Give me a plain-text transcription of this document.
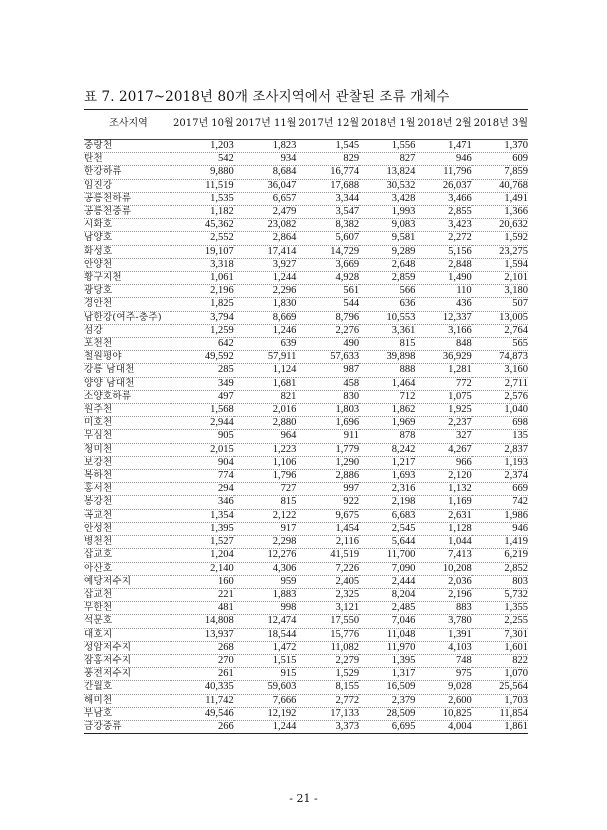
표 7. 2017~2018년 80개 조사지역에서 관찰된 조류 개체수
조사지역	2017년 10월	2017년 11월	2017년 12월	2018년 1월	2018년 2월	2018년 3월
중랑천	1,203	1,823	1,545	1,556	1,471	1,370
탄천	542	934	829	827	946	609
한강하류	9,880	8,684	16,774	13,824	11,796	7,859
임진강	11,519	36,047	17,688	30,532	26,037	40,768
공릉천하류	1,535	6,657	3,344	3,428	3,466	1,491
공릉천중류	1,182	2,479	3,547	1,993	2,855	1,366
시화호	45,362	23,082	8,382	9,083	3,423	20,632
남양호	2,552	2,864	5,607	9,581	2,272	1,592
화성호	19,107	17,414	14,729	9,289	5,156	23,275
안양천	3,318	3,927	3,669	2,648	2,848	1,594
황구지천	1,061	1,244	4,928	2,859	1,490	2,101
광당호	2,196	2,296	561	566	110	3,180
경안천	1,825	1,830	544	636	436	507
남한강(여주-충주)	3,794	8,669	8,796	10,553	12,337	13,005
섬강	1,259	1,246	2,276	3,361	3,166	2,764
포천천	642	639	490	815	848	565
철원평야	49,592	57,911	57,633	39,898	36,929	74,873
강릉 남대천	285	1,124	987	888	1,281	3,160
양양 남대천	349	1,681	458	1,464	772	2,711
소양호하류	497	821	830	712	1,075	2,576
원주천	1,568	2,016	1,803	1,862	1,925	1,040
미호천	2,944	2,880	1,696	1,969	2,237	698
무심천	905	964	911	878	327	135
청미천	2,015	1,223	1,779	8,242	4,267	2,837
보강천	904	1,106	1,290	1,217	966	1,193
복하천	774	1,796	2,886	1,693	2,120	2,374
홍서천	294	727	997	2,316	1,132	669
봉강천	346	815	922	2,198	1,169	742
곡교천	1,354	2,122	9,675	6,683	2,631	1,986
안성천	1,395	917	1,454	2,545	1,128	946
병천천	1,527	2,298	2,116	5,644	1,044	1,419
삽교호	1,204	12,276	41,519	11,700	7,413	6,219
아산호	2,140	4,306	7,226	7,090	10,208	2,852
예당저수지	160	959	2,405	2,444	2,036	803
삽교천	221	1,883	2,325	8,204	2,196	5,732
무한천	481	998	3,121	2,485	883	1,355
석문호	14,808	12,474	17,550	7,046	3,780	2,255
대호지	13,937	18,544	15,776	11,048	1,391	7,301
성암저수지	268	1,472	11,082	11,970	4,103	1,601
잠홍저수지	270	1,515	2,279	1,395	748	822
풍전저수지	261	915	1,529	1,317	975	1,070
간월호	40,335	59,603	8,155	16,509	9,028	25,564
해미천	11,742	7,666	2,772	2,379	2,600	1,703
부남호	49,546	12,192	17,133	28,509	10,825	11,854
금강중류	266	1,244	3,373	6,695	4,004	1,861
- 21 -
